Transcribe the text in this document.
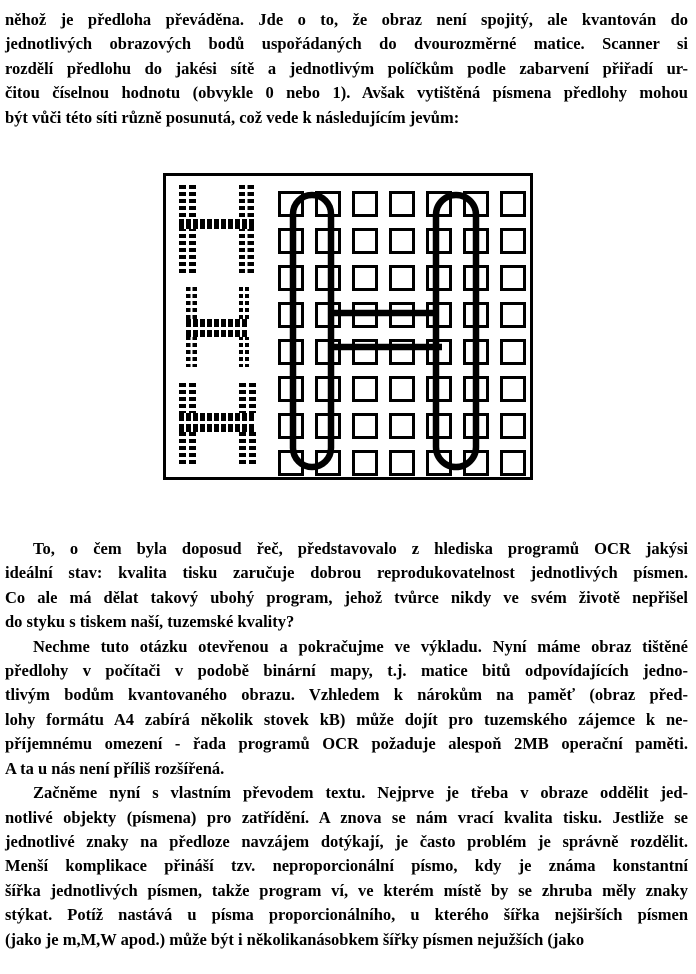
něhož je předloha převáděna. Jde o to, že obraz není spojitý, ale kvantován do
jednotlivých obrazových bodů uspořádaných do dvourozměrné matice. Scanner si
rozdělí předlohu do jakési sítě a jednotlivým políčkům podle zabarvení přiřadí ur-
čitou číselnou hodnotu (obvykle 0 nebo 1). Avšak vytištěná písmena předlohy mohou
být vůči této síti různě posunutá, což vede k následujícím jevům:
To, o čem byla doposud řeč, představovalo z hlediska programů OCR jakýsi
ideální stav: kvalita tisku zaručuje dobrou reprodukovatelnost jednotlivých písmen.
Co ale má dělat takový ubohý program, jehož tvůrce nikdy ve svém životě nepřišel
do styku s tiskem naší, tuzemské kvality?
Nechme tuto otázku otevřenou a pokračujme ve výkladu. Nyní máme obraz tištěné
předlohy v počítači v podobě binární mapy, t.j. matice bitů odpovídajících jedno-
tlivým bodům kvantovaného obrazu. Vzhledem k nárokům na paměť (obraz před-
lohy formátu A4 zabírá několik stovek kB) může dojít pro tuzemského zájemce k ne-
příjemnému omezení - řada programů OCR požaduje alespoň 2MB operační paměti.
A ta u nás není příliš rozšířená.
Začněme nyní s vlastním převodem textu. Nejprve je třeba v obraze oddělit jed-
notlivé objekty (písmena) pro zatřídění. A znova se nám vrací kvalita tisku. Jestliže se
jednotlivé znaky na předloze navzájem dotýkají, je často problém je správně rozdělit.
Menší komplikace přináší tzv. neproporcionální písmo, kdy je známa konstantní
šířka jednotlivých písmen, takže program ví, ve kterém místě by se zhruba měly znaky
stýkat. Potíž nastává u písma proporcionálního, u kterého šířka nejširších písmen
(jako je m,M,W apod.) může být i několikanásobkem šířky písmen nejužších (jako
